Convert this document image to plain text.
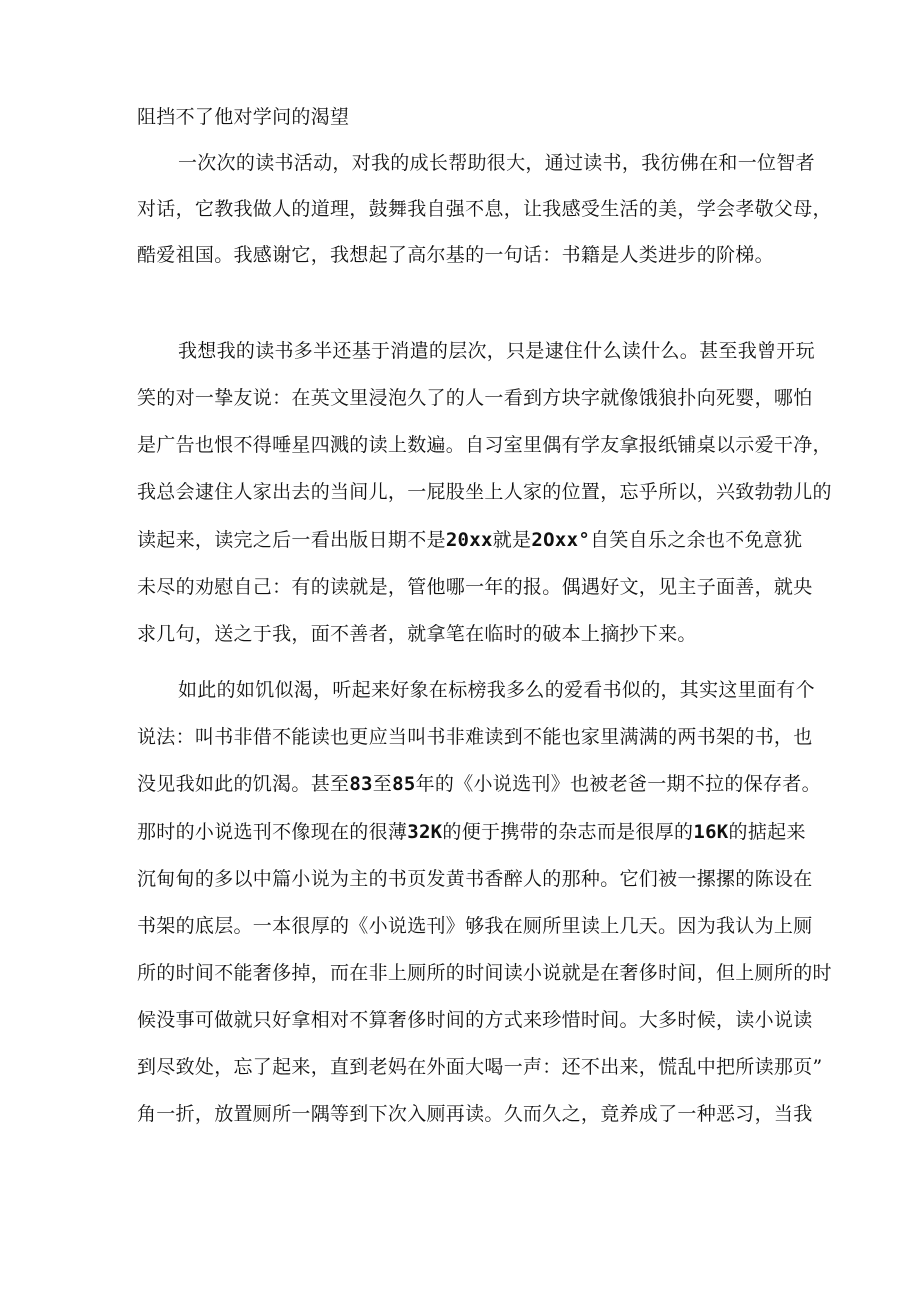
阻挡不了他对学问的渴望
一次次的读书活动，对我的成长帮助很大，通过读书，我彷佛在和一位智者
对话，它教我做人的道理，鼓舞我自强不息，让我感受生活的美，学会孝敬父母，
酷爱祖国。我感谢它，我想起了高尔基的一句话：书籍是人类进步的阶梯。
我想我的读书多半还基于消遣的层次，只是逮住什么读什么。甚至我曾开玩
笑的对一挚友说：在英文里浸泡久了的人一看到方块字就像饿狼扑向死婴，哪怕
是广告也恨不得唾星四溅的读上数遍。自习室里偶有学友拿报纸铺桌以示爱干净，
我总会逮住人家出去的当间儿，一屁股坐上人家的位置，忘乎所以，兴致勃勃儿的
读起来，读完之后一看出版日期不是20xx就是2Oxx°自笑自乐之余也不免意犹
未尽的劝慰自己：有的读就是，管他哪一年的报。偶遇好文，见主子面善，就央
求几句，送之于我，面不善者，就拿笔在临时的破本上摘抄下来。
如此的如饥似渴，听起来好象在标榜我多么的爱看书似的，其实这里面有个
说法：叫书非借不能读也更应当叫书非难读到不能也家里满满的两书架的书，也
没见我如此的饥渴。甚至83至85年的《小说选刊》也被老爸一期不拉的保存者。
那时的小说选刊不像现在的很薄32K的便于携带的杂志而是很厚的16K的掂起来
沉甸甸的多以中篇小说为主的书页发黄书香醉人的那种。它们被一摞摞的陈设在
书架的底层。一本很厚的《小说选刊》够我在厕所里读上几天。因为我认为上厕
所的时间不能奢侈掉，而在非上厕所的时间读小说就是在奢侈时间，但上厕所的时
候没事可做就只好拿相对不算奢侈时间的方式来珍惜时间。大多时候，读小说读
到尽致处，忘了起来，直到老妈在外面大喝一声：还不出来，慌乱中把所读那页”
角一折，放置厕所一隅等到下次入厕再读。久而久之，竟养成了一种恶习，当我
